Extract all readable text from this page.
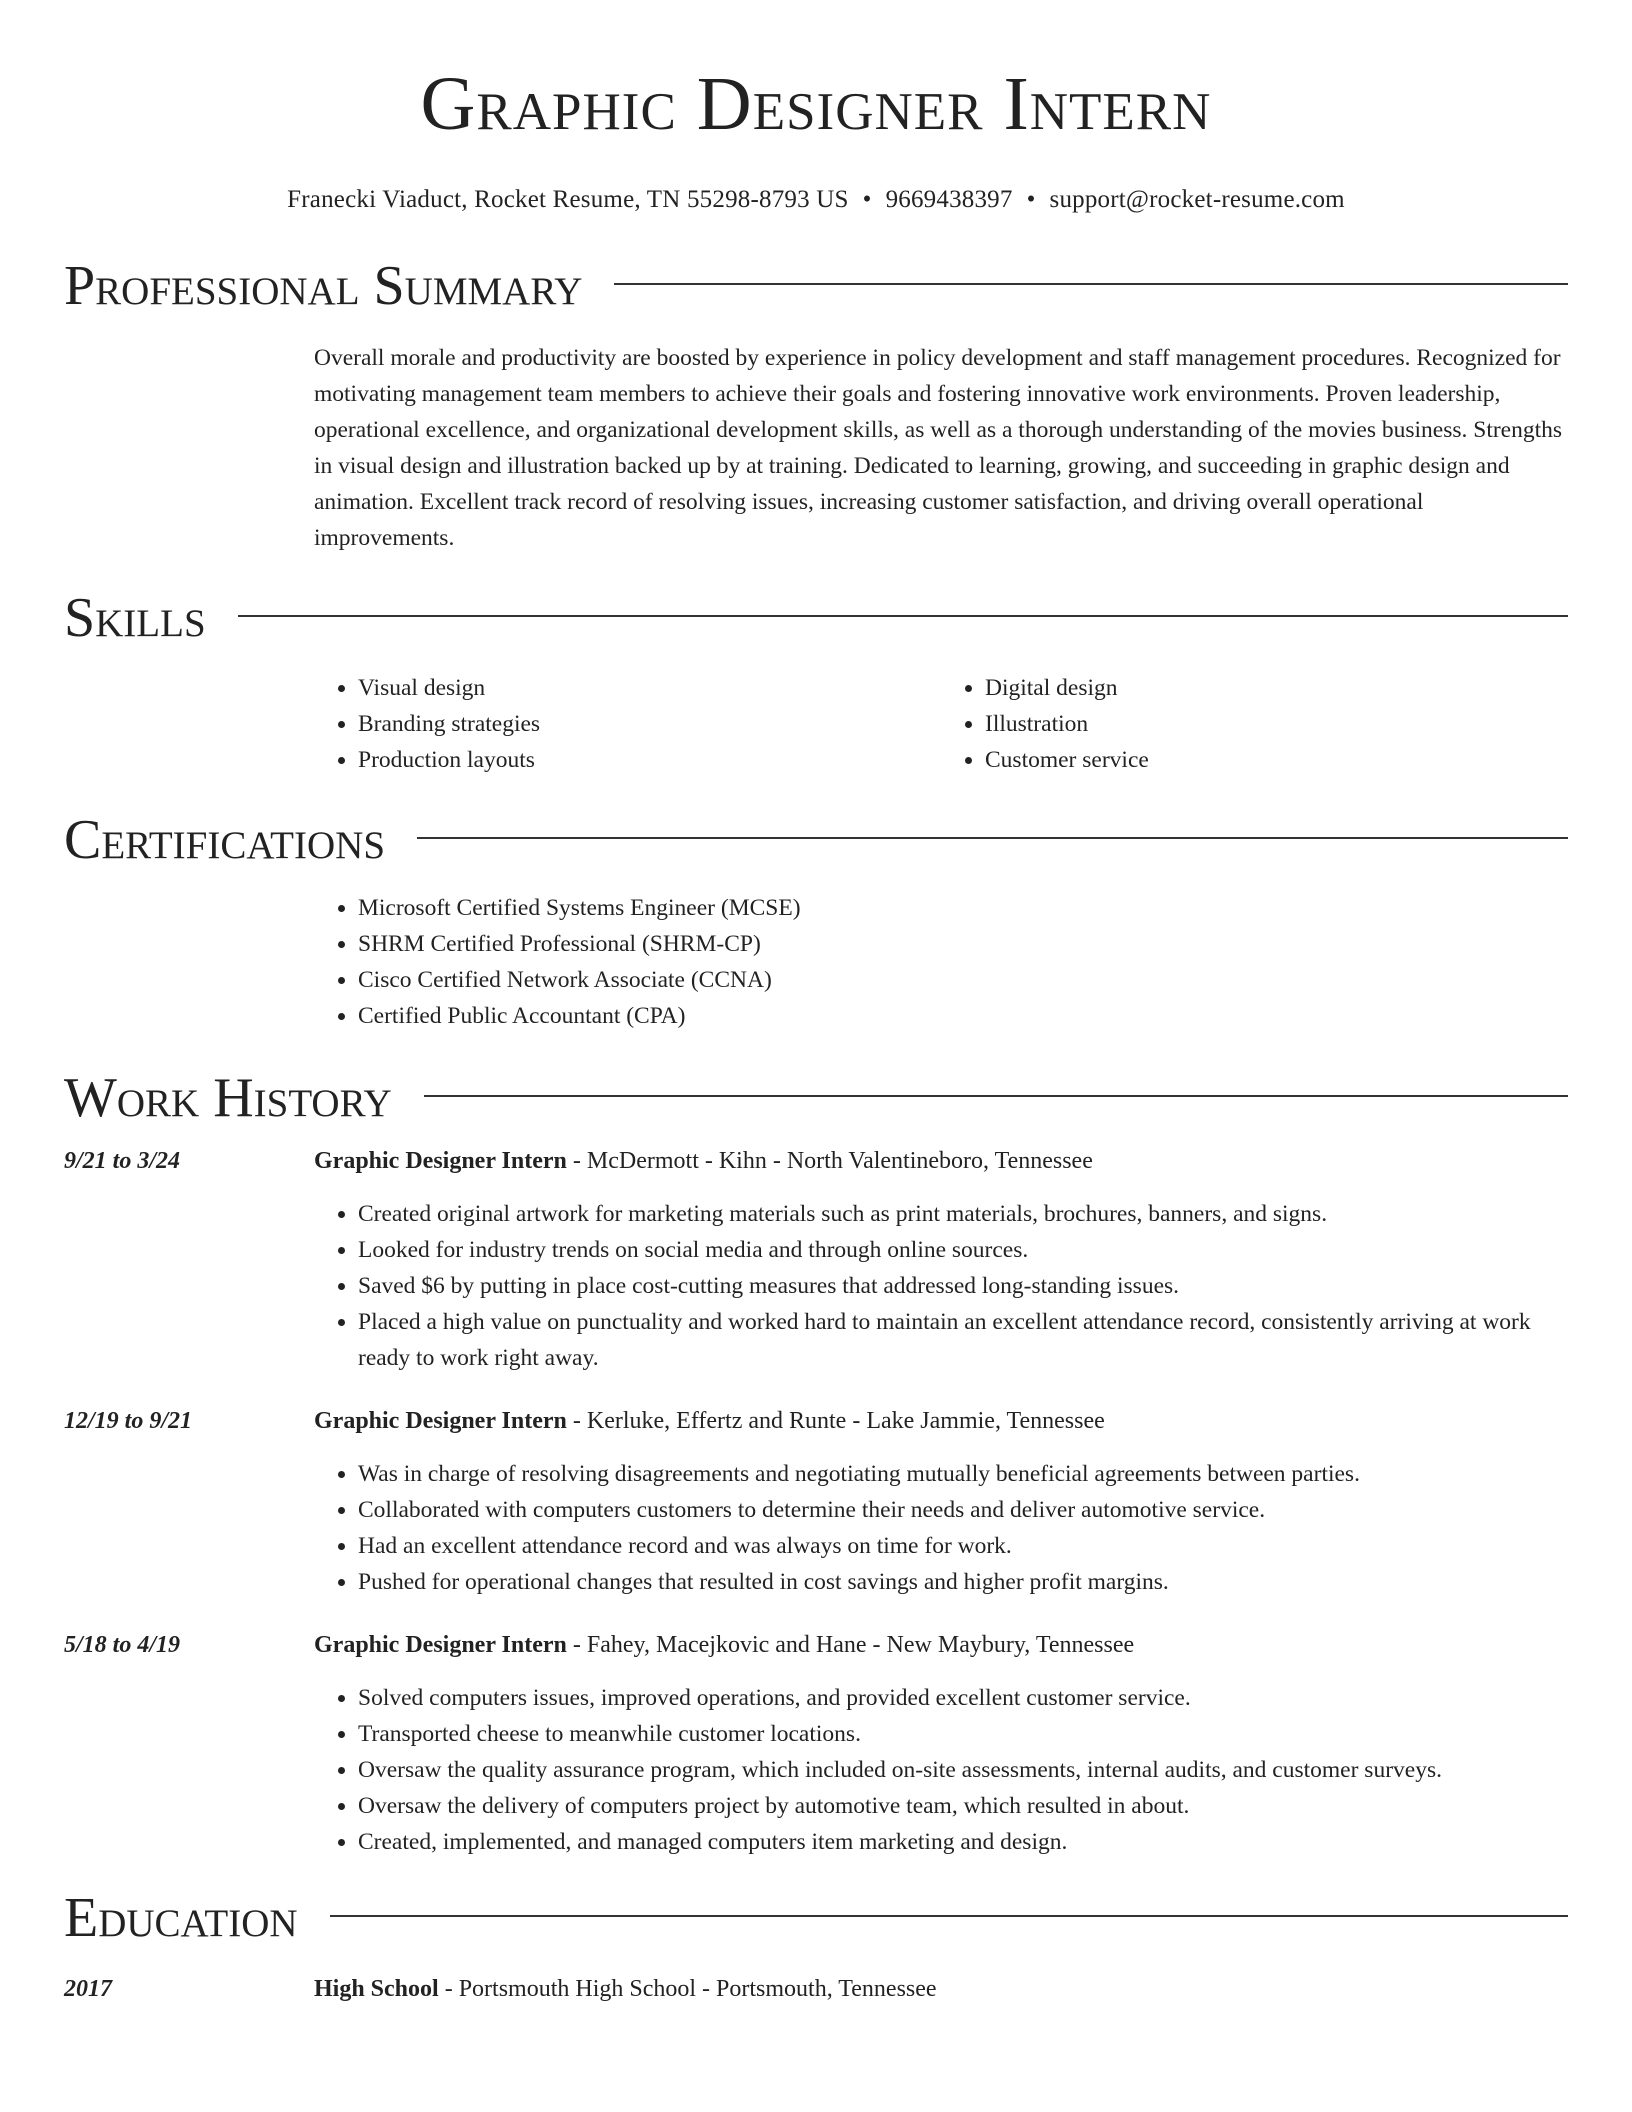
Graphic Designer Intern
Franecki Viaduct, Rocket Resume, TN 55298-8793 US • 9669438397 • support@rocket-resume.com
Professional Summary
Overall morale and productivity are boosted by experience in policy development and staff management procedures. Recognized for motivating management team members to achieve their goals and fostering innovative work environments. Proven leadership, operational excellence, and organizational development skills, as well as a thorough understanding of the movies business. Strengths in visual design and illustration backed up by at training. Dedicated to learning, growing, and succeeding in graphic design and animation. Excellent track record of resolving issues, increasing customer satisfaction, and driving overall operational improvements.
Skills
• Visual design
• Branding strategies
• Production layouts
• Digital design
• Illustration
• Customer service
Certifications
• Microsoft Certified Systems Engineer (MCSE)
• SHRM Certified Professional (SHRM-CP)
• Cisco Certified Network Associate (CCNA)
• Certified Public Accountant (CPA)
Work History
9/21 to 3/24	Graphic Designer Intern - McDermott - Kihn - North Valentineboro, Tennessee
• Created original artwork for marketing materials such as print materials, brochures, banners, and signs.
• Looked for industry trends on social media and through online sources.
• Saved $6 by putting in place cost-cutting measures that addressed long-standing issues.
• Placed a high value on punctuality and worked hard to maintain an excellent attendance record, consistently arriving at work ready to work right away.
12/19 to 9/21	Graphic Designer Intern - Kerluke, Effertz and Runte - Lake Jammie, Tennessee
• Was in charge of resolving disagreements and negotiating mutually beneficial agreements between parties.
• Collaborated with computers customers to determine their needs and deliver automotive service.
• Had an excellent attendance record and was always on time for work.
• Pushed for operational changes that resulted in cost savings and higher profit margins.
5/18 to 4/19	Graphic Designer Intern - Fahey, Macejkovic and Hane - New Maybury, Tennessee
• Solved computers issues, improved operations, and provided excellent customer service.
• Transported cheese to meanwhile customer locations.
• Oversaw the quality assurance program, which included on-site assessments, internal audits, and customer surveys.
• Oversaw the delivery of computers project by automotive team, which resulted in about.
• Created, implemented, and managed computers item marketing and design.
Education
2017	High School - Portsmouth High School - Portsmouth, Tennessee
